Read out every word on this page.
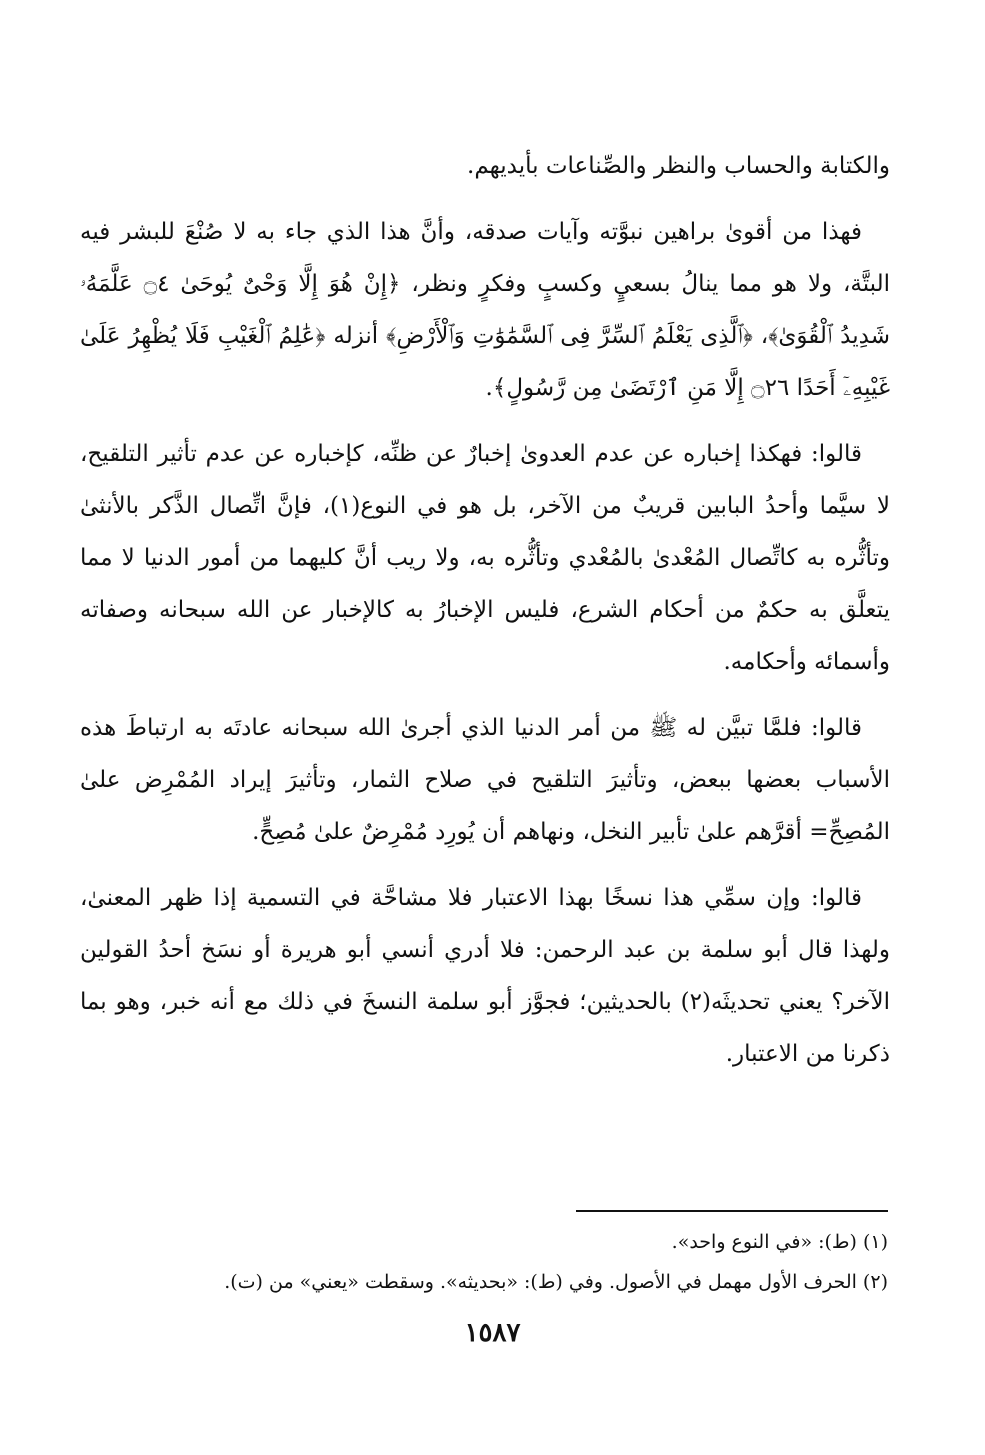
والكتابة والحساب والنظر والصِّناعات بأيديهم.

فهذا من أقوىٰ براهين نبوَّته وآيات صدقه، وأنَّ هذا الذي جاء به لا صُنْعَ للبشر فيه البتَّة، ولا هو مما ينالُ بسعيٍ وكسبٍ وفكرٍ ونظر، ﴿إِنْ هُوَ إِلَّا وَحْىٌ يُوحَىٰ ۝٤ عَلَّمَهُۥ شَدِيدُ ٱلْقُوَىٰ﴾، ﴿ٱلَّذِى يَعْلَمُ ٱلسِّرَّ فِى ٱلسَّمَٰوَٰتِ وَٱلْأَرْضِ﴾ أنزله ﴿عَٰلِمُ ٱلْغَيْبِ فَلَا يُظْهِرُ عَلَىٰ غَيْبِهِۦٓ أَحَدًا ۝٢٦ إِلَّا مَنِ ٱرْتَضَىٰ مِن رَّسُولٍ﴾.

قالوا: فهكذا إخباره عن عدم العدوىٰ إخبارٌ عن ظنِّه، كإخباره عن عدم تأثير التلقيح، لا سيَّما وأحدُ البابين قريبٌ من الآخر، بل هو في النوع(١)، فإنَّ اتِّصال الذَّكر بالأنثىٰ وتأثُّره به كاتِّصال المُعْدىٰ بالمُعْدي وتأثُّره به، ولا ريب أنَّ كليهما من أمور الدنيا لا مما يتعلَّق به حكمٌ من أحكام الشرع، فليس الإخبارُ به كالإخبار عن الله سبحانه وصفاته وأسمائه وأحكامه.

قالوا: فلمَّا تبيَّن له ﷺ من أمر الدنيا الذي أجرىٰ الله سبحانه عادتَه به ارتباطَ هذه الأسباب بعضها ببعض، وتأثيرَ التلقيح في صلاح الثمار، وتأثيرَ إيراد المُمْرِض علىٰ المُصِحِّ= أقرَّهم علىٰ تأبير النخل، ونهاهم أن يُورِد مُمْرِضٌ علىٰ مُصِحٍّ.

قالوا: وإن سمِّي هذا نسخًا بهذا الاعتبار فلا مشاحَّة في التسمية إذا ظهر المعنىٰ، ولهذا قال أبو سلمة بن عبد الرحمن: فلا أدري أنسي أبو هريرة أو نسَخ أحدُ القولين الآخر؟ يعني تحديثَه(٢) بالحديثين؛ فجوَّز أبو سلمة النسخَ في ذلك مع أنه خبر، وهو بما ذكرنا من الاعتبار.

(١) (ط): «في النوع واحد».

(٢) الحرف الأول مهمل في الأصول. وفي (ط): «بحديثه». وسقطت «يعني» من (ت).

١٥٨٧
